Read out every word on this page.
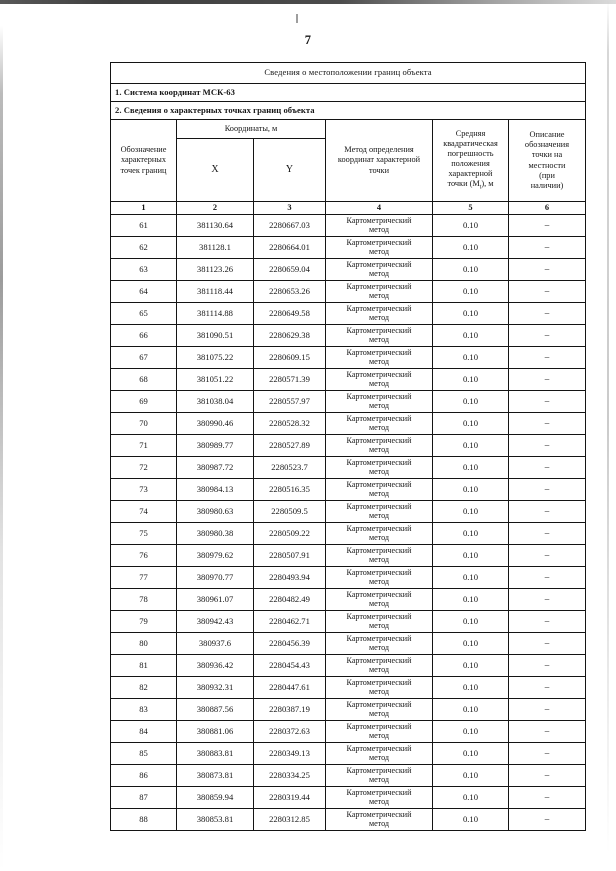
7
Сведения о местоположении границ объекта					
1. Система координат МСК-63					
2. Сведения о характерных точках границ объекта					
Обозначение характерных точек границ	Координаты, м	Метод определения координат характерной точки	Средняя
квадратическая
погрешность
положения
характерной
точки $(M_t)$, м	Описание
обозначения
точки на
местности
(при
наличии)
	X	Y			
1	2	3	4	5	6
61	381130.64	2280667.03	Картометрический
метод	0.10	–
62	381128.1	2280664.01	Картометрический
метод	0.10	–
63	381123.26	2280659.04	Картометрический
метод	0.10	–
64	381118.44	2280653.26	Картометрический
метод	0.10	–
65	381114.88	2280649.58	Картометрический
метод	0.10	–
66	381090.51	2280629.38	Картометрический
метод	0.10	–
67	381075.22	2280609.15	Картометрический
метод	0.10	–
68	381051.22	2280571.39	Картометрический
метод	0.10	–
69	381038.04	2280557.97	Картометрический
метод	0.10	–
70	380990.46	2280528.32	Картометрический
метод	0.10	–
71	380989.77	2280527.89	Картометрический
метод	0.10	–
72	380987.72	2280523.7	Картометрический
метод	0.10	–
73	380984.13	2280516.35	Картометрический
метод	0.10	–
74	380980.63	2280509.5	Картометрический
метод	0.10	–
75	380980.38	2280509.22	Картометрический
метод	0.10	–
76	380979.62	2280507.91	Картометрический
метод	0.10	–
77	380970.77	2280493.94	Картометрический
метод	0.10	–
78	380961.07	2280482.49	Картометрический
метод	0.10	–
79	380942.43	2280462.71	Картометрический
метод	0.10	–
80	380937.6	2280456.39	Картометрический
метод	0.10	–
81	380936.42	2280454.43	Картометрический
метод	0.10	–
82	380932.31	2280447.61	Картометрический
метод	0.10	–
83	380887.56	2280387.19	Картометрический
метод	0.10	–
84	380881.06	2280372.63	Картометрический
метод	0.10	–
85	380883.81	2280349.13	Картометрический
метод	0.10	–
86	380873.81	2280334.25	Картометрический
метод	0.10	–
87	380859.94	2280319.44	Картометрический
метод	0.10	–
88	380853.81	2280312.85	Картометрический
метод	0.10	–
